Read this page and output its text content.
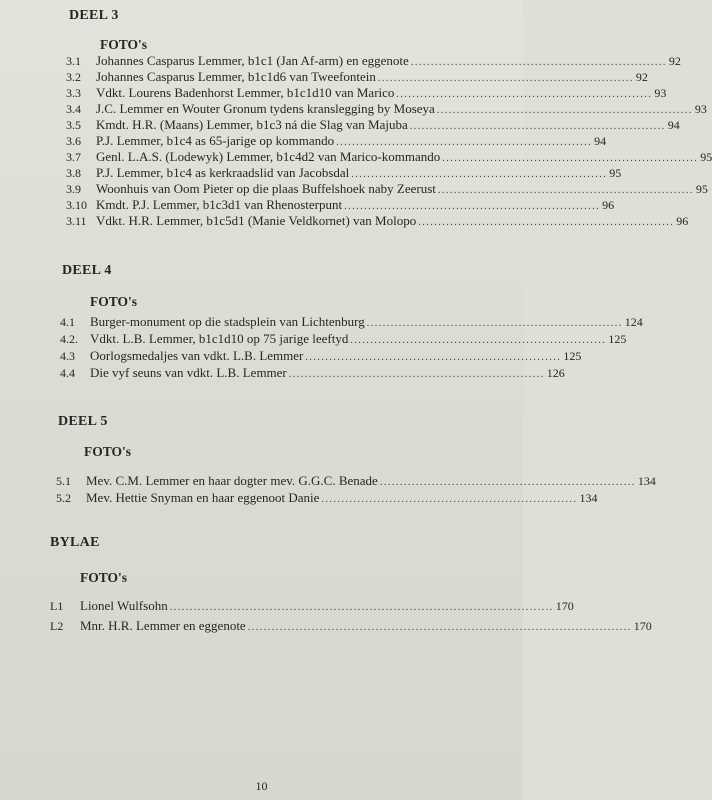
DEEL 3
FOTO's
3.1	Johannes Casparus Lemmer, b1c1 (Jan Af-arm) en eggenote ................................................................ 92
3.2	Johannes Casparus Lemmer, b1c1d6 van Tweefontein ................................................................ 92
3.3	Vdkt. Lourens Badenhorst Lemmer, b1c1d10 van Marico ................................................................ 93
3.4	J.C. Lemmer en Wouter Gronum tydens kranslegging by Moseya ................................................................ 93
3.5	Kmdt. H.R. (Maans) Lemmer, b1c3 ná die Slag van Majuba ................................................................ 94
3.6	P.J. Lemmer, b1c4 as 65-jarige op kommando ................................................................ 94
3.7	Genl. L.A.S. (Lodewyk) Lemmer, b1c4d2 van Marico-kommando ................................................................ 95
3.8	P.J. Lemmer, b1c4 as kerkraadslid van Jacobsdal ................................................................ 95
3.9	Woonhuis van Oom Pieter op die plaas Buffelshoek naby Zeerust ................................................................ 95
3.10 Kmdt. P.J. Lemmer, b1c3d1 van Rhenosterpunt ................................................................ 96
3.11 Vdkt. H.R. Lemmer, b1c5d1 (Manie Veldkornet) van Molopo ................................................................ 96
DEEL 4
FOTO's
4.1	Burger-monument op die stadsplein van Lichtenburg ................................................................ 124
4.2. Vdkt. L.B. Lemmer, b1c1d10 op 75 jarige leeftyd ................................................................ 125
4.3	Oorlogsmedaljes van vdkt. L.B. Lemmer ................................................................ 125
4.4	Die vyf seuns van vdkt. L.B. Lemmer ................................................................ 126
DEEL 5
FOTO's
5.1	Mev. C.M. Lemmer en haar dogter mev. G.G.C. Benade ................................................................ 134
5.2	Mev. Hettie Snyman en haar eggenoot Danie ................................................................ 134
BYLAE
FOTO's
L1	Lionel Wulfsohn ................................................................................................ 170
L2	Mnr. H.R. Lemmer en eggenote ................................................................................................ 170
10
